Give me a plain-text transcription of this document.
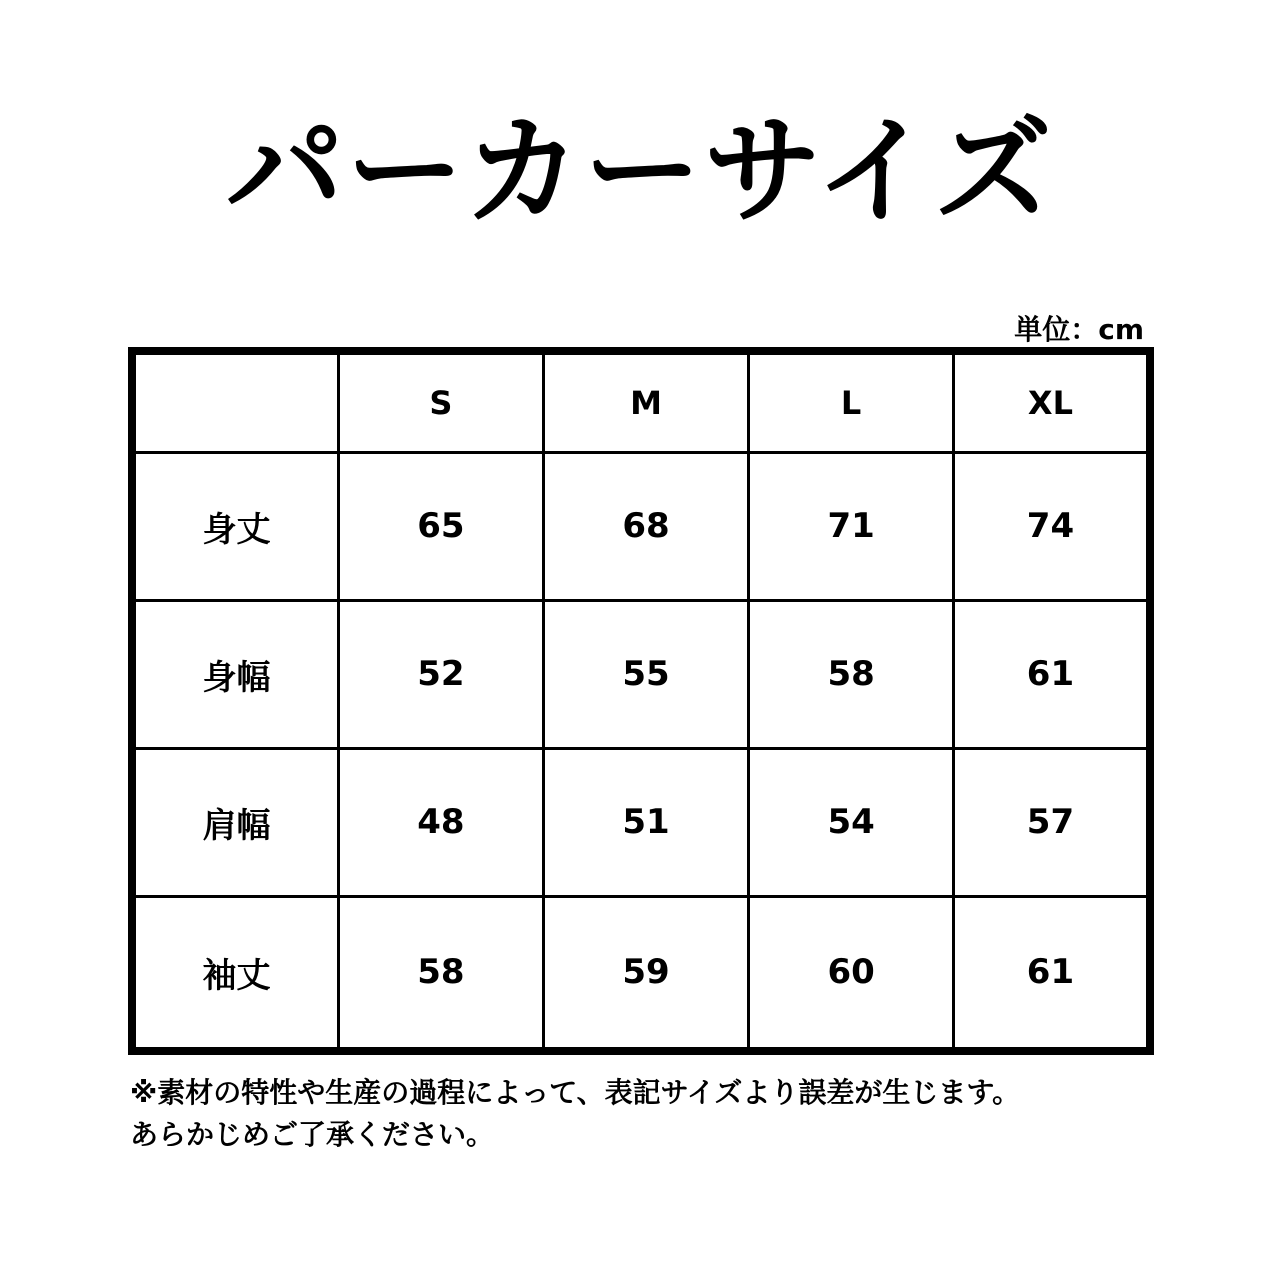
パーカーサイズ
単位：cm
	S	M	L	XL
身丈	65	68	71	74
身幅	52	55	58	61
肩幅	48	51	54	57
袖丈	58	59	60	61
※素材の特性や生産の過程によって、表記サイズより誤差が生じます。
あらかじめご了承ください。
